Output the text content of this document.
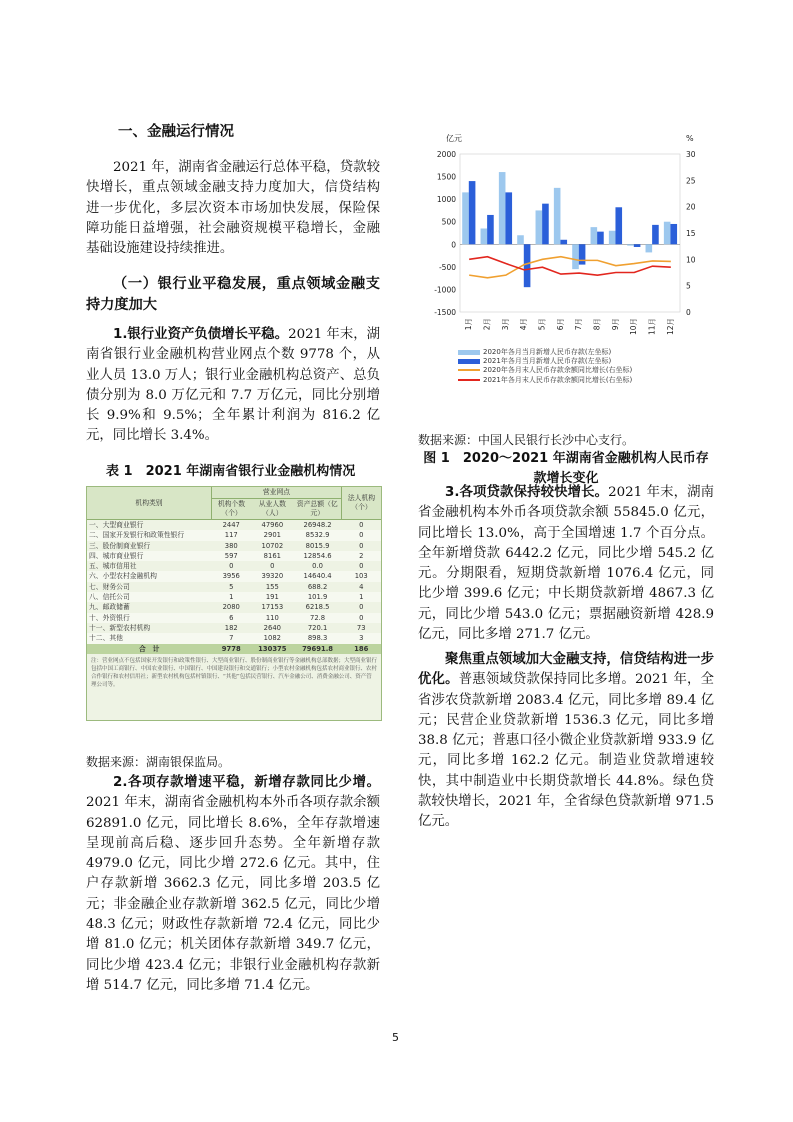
一、金融运行情况

2021 年，湖南省金融运行总体平稳，贷款较快增长，重点领域金融支持力度加大，信贷结构进一步优化，多层次资本市场加快发展，保险保障功能日益增强，社会融资规模平稳增长，金融基础设施建设持续推进。

（一）银行业平稳发展，重点领域金融支持力度加大

1.银行业资产负债增长平稳。2021 年末，湖南省银行业金融机构营业网点个数 9778 个，从业人员 13.0 万人；银行业金融机构总资产、总负债分别为 8.0 万亿元和 7.7 万亿元，同比分别增长 9.9%和 9.5%；全年累计利润为 816.2 亿元，同比增长 3.4%。

表 1　2021 年湖南省银行业金融机构情况
机构类别	营业网点			法人机构（个）
	机构个数（个）	从业人数（人）	资产总额（亿元）	
一、大型商业银行	2447	47960	26948.2	0
二、国家开发银行和政策性银行	117	2901	8532.9	0
三、股份制商业银行	380	10702	8015.9	0
四、城市商业银行	597	8161	12854.6	2
五、城市信用社	0	0	0.0	0
六、小型农村金融机构	3956	39320	14640.4	103
七、财务公司	5	155	688.2	4
八、信托公司	1	191	101.9	1
九、邮政储蓄	2080	17153	6218.5	0
十、外资银行	6	110	72.8	0
十一、新型农村机构	182	2640	720.1	73
十二、其他	7	1082	898.3	3
合　计	9778	130375	79691.8	186
注：营业网点不包括国家开发银行和政策性银行、大型商业银行、股份制商业银行等金融机构总部数据；大型商业银行包括中国工商银行、中国农业银行、中国银行、中国建设银行和交通银行；小型农村金融机构包括农村商业银行、农村合作银行和农村信用社；新型农村机构包括村镇银行、“其他”包括民营银行、汽车金融公司、消费金融公司、资产管理公司等。
数据来源：湖南银保监局。

2.各项存款增速平稳，新增存款同比少增。2021 年末，湖南省金融机构本外币各项存款余额 62891.0 亿元，同比增长 8.6%，全年存款增速呈现前高后稳、逐步回升态势。全年新增存款 4979.0 亿元，同比少增 272.6 亿元。其中，住户存款新增 3662.3 亿元，同比多增 203.5 亿元；非金融企业存款新增 362.5 亿元，同比少增 48.3 亿元；财政性存款新增 72.4 亿元，同比少增 81.0 亿元；机关团体存款新增 349.7 亿元，同比少增 423.4 亿元；非银行业金融机构存款新增 514.7 亿元，同比多增 71.4 亿元。

亿元	%
2000
1500
1000
500
0
-500
-1000
-1500
30
25
20
15
10
5
0
1月 2月 3月 4月 5月 6月 7月 8月 9月 10月 11月 12月
2020年各月当月新增人民币存款(左坐标)
2021年各月当月新增人民币存款(左坐标)
2020年各月末人民币存款余额同比增长(右坐标)
2021年各月末人民币存款余额同比增长(右坐标)
数据来源：中国人民银行长沙中心支行。
图 1　2020～2021 年湖南省金融机构人民币存款增长变化

3.各项贷款保持较快增长。2021 年末，湖南省金融机构本外币各项贷款余额 55845.0 亿元，同比增长 13.0%，高于全国增速 1.7 个百分点。全年新增贷款 6442.2 亿元，同比少增 545.2 亿元。分期限看，短期贷款新增 1076.4 亿元，同比少增 399.6 亿元；中长期贷款新增 4867.3 亿元，同比少增 543.0 亿元；票据融资新增 428.9 亿元，同比多增 271.7 亿元。

聚焦重点领域加大金融支持，信贷结构进一步优化。普惠领域贷款保持同比多增。2021 年，全省涉农贷款新增 2083.4 亿元，同比多增 89.4 亿元；民营企业贷款新增 1536.3 亿元，同比多增 38.8 亿元；普惠口径小微企业贷款新增 933.9 亿元，同比多增 162.2 亿元。制造业贷款增速较快，其中制造业中长期贷款增长 44.8%。绿色贷款较快增长，2021 年，全省绿色贷款新增 971.5 亿元。

5
